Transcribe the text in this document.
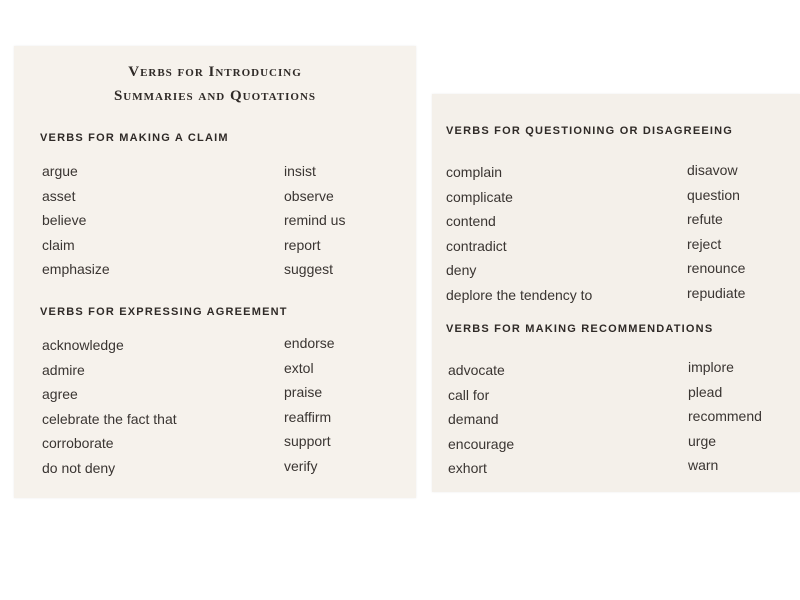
Verbs for Introducing
Summaries and Quotations
VERBS FOR MAKING A CLAIM
argue
asset
believe
claim
emphasize
insist
observe
remind us
report
suggest
VERBS FOR EXPRESSING AGREEMENT
acknowledge
admire
agree
celebrate the fact that
corroborate
do not deny
endorse
extol
praise
reaffirm
support
verify
VERBS FOR QUESTIONING OR DISAGREEING
complain
complicate
contend
contradict
deny
deplore the tendency to
disavow
question
refute
reject
renounce
repudiate
VERBS FOR MAKING RECOMMENDATIONS
advocate
call for
demand
encourage
exhort
implore
plead
recommend
urge
warn
